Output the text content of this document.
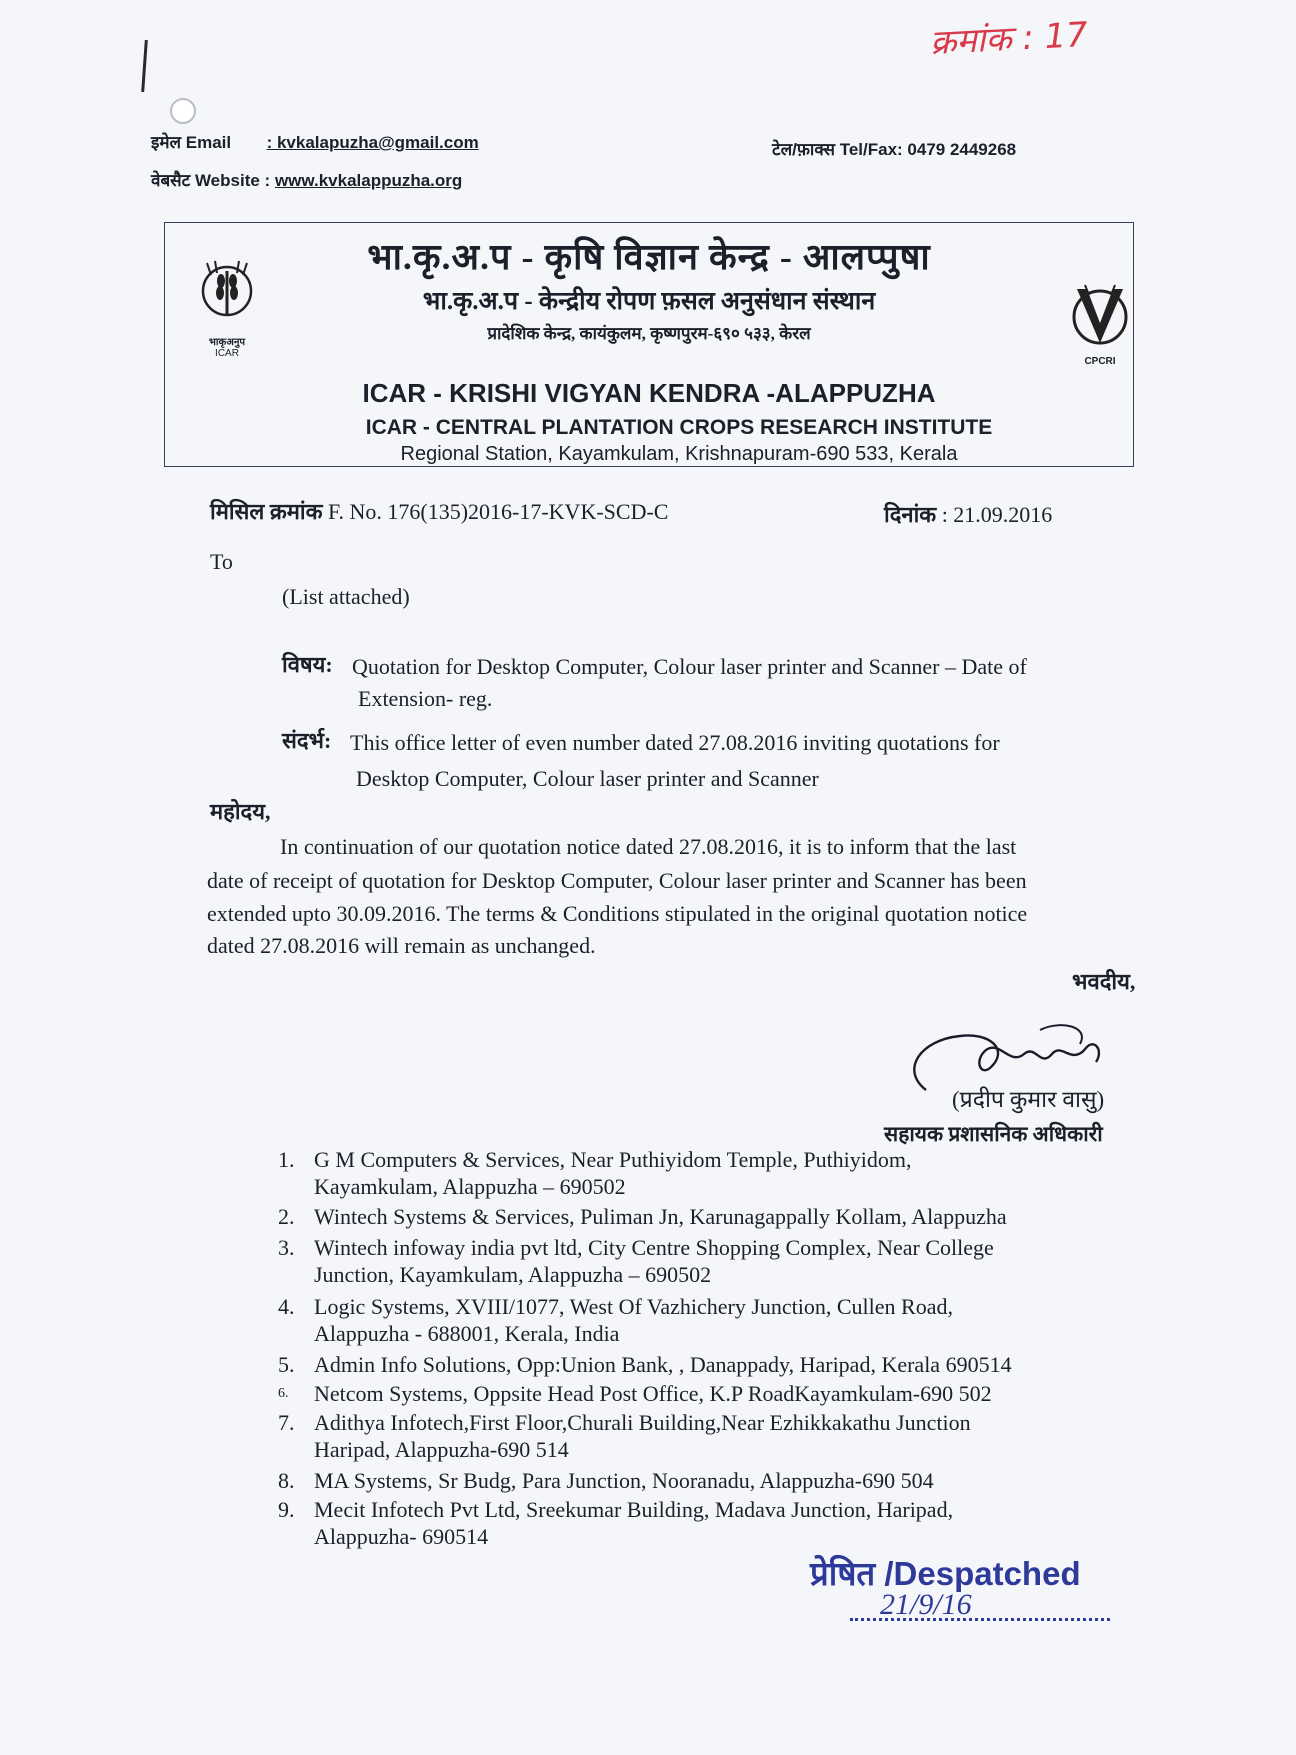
क्रमांक : 17
इमेल Email : kvkalapuzha@gmail.com
वेबसैट Website : www.kvkalappuzha.org
टेल/फ़ाक्स Tel/Fax: 0479 2449268
भा.कृ.अ.प - कृषि विज्ञान केन्द्र - आलप्पुषा
भा.कृ.अ.प - केन्द्रीय रोपण फ़सल अनुसंधान संस्थान
प्रादेशिक केन्द्र, कायंकुलम, कृष्णपुरम-६९० ५३३, केरल
भाकृअनुप
ICAR
CPCRI
ICAR - KRISHI VIGYAN KENDRA -ALAPPUZHA
ICAR - CENTRAL PLANTATION CROPS RESEARCH INSTITUTE
Regional Station, Kayamkulam, Krishnapuram-690 533, Kerala
मिसिल क्रमांक F. No. 176(135)2016-17-KVK-SCD-C	दिनांक : 21.09.2016
To
(List attached)
विषय: Quotation for Desktop Computer, Colour laser printer and Scanner – Date of
Extension- reg.
संदर्भ: This office letter of even number dated 27.08.2016 inviting quotations for
Desktop Computer, Colour laser printer and Scanner
महोदय,
In continuation of our quotation notice dated 27.08.2016, it is to inform that the last
date of receipt of quotation for Desktop Computer, Colour laser printer and Scanner has been
extended upto 30.09.2016. The terms & Conditions stipulated in the original quotation notice
dated 27.08.2016 will remain as unchanged.
भवदीय,
(प्रदीप कुमार वासु)
सहायक प्रशासनिक अधिकारी
1. G M Computers & Services, Near Puthiyidom Temple, Puthiyidom,
Kayamkulam, Alappuzha – 690502
2. Wintech Systems & Services, Puliman Jn, Karunagappally Kollam, Alappuzha
3. Wintech infoway india pvt ltd, City Centre Shopping Complex, Near College
Junction, Kayamkulam, Alappuzha – 690502
4. Logic Systems, XVIII/1077, West Of Vazhichery Junction, Cullen Road,
Alappuzha - 688001, Kerala, India
5. Admin Info Solutions, Opp:Union Bank, , Danappady, Haripad, Kerala 690514
6. Netcom Systems, Oppsite Head Post Office, K.P RoadKayamkulam-690 502
7. Adithya Infotech,First Floor,Churali Building,Near Ezhikkakathu Junction
Haripad, Alappuzha-690 514
8. MA Systems, Sr Budg, Para Junction, Nooranadu, Alappuzha-690 504
9. Mecit Infotech Pvt Ltd, Sreekumar Building, Madava Junction, Haripad,
Alappuzha- 690514
प्रेषित /Despatched
21/9/16
